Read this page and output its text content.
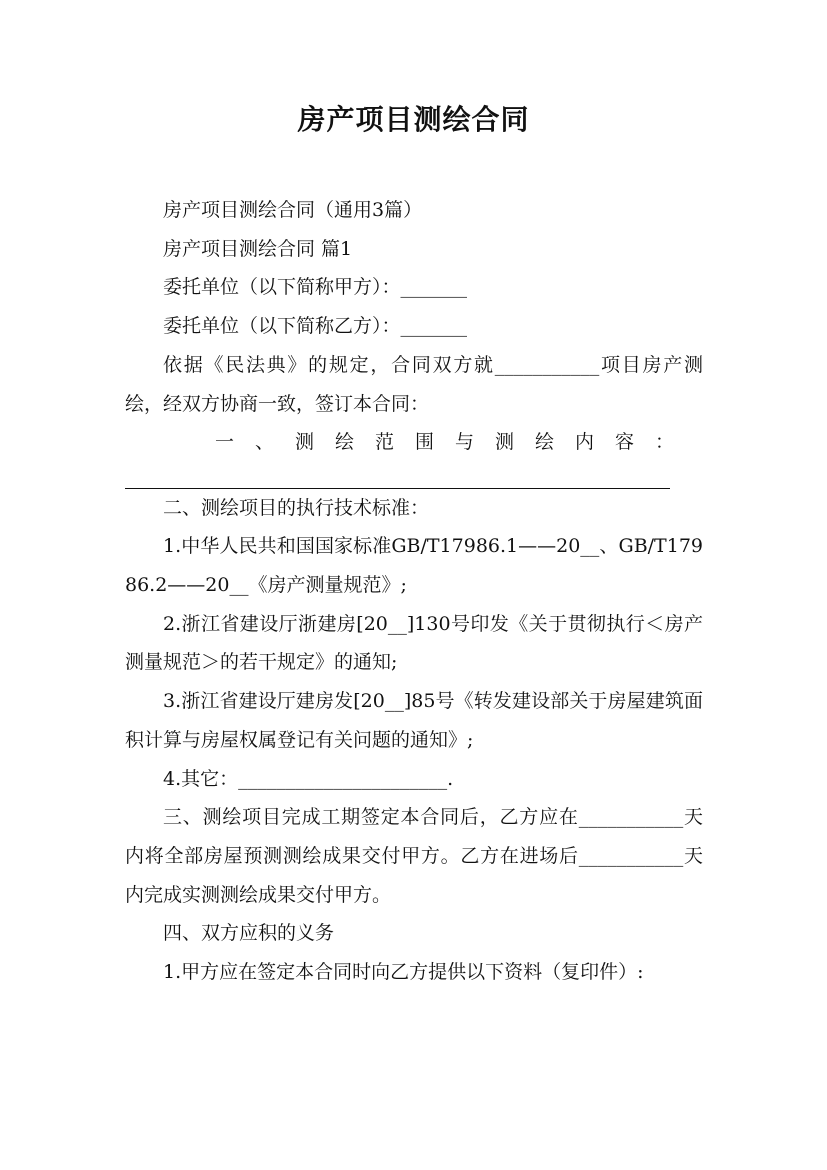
房产项目测绘合同

房产项目测绘合同（通用3篇）

房产项目测绘合同 篇1

委托单位（以下简称甲方）：_______

委托单位（以下简称乙方）：_______

依据《民法典》的规定，合同双方就___________项目房产测绘，经双方协商一致，签订本合同：

一、测绘范围与测绘内容：

二、测绘项目的执行技术标准：

1.中华人民共和国国家标准GB/T17986.1——20__、GB/T17986.2——20__《房产测量规范》;

2.浙江省建设厅浙建房[20__]130号印发《关于贯彻执行＜房产测量规范＞的若干规定》的通知;

3.浙江省建设厅建房发[20__]85号《转发建设部关于房屋建筑面积计算与房屋权属登记有关问题的通知》;

4.其它：______________________.

三、测绘项目完成工期签定本合同后，乙方应在___________天内将全部房屋预测测绘成果交付甲方。乙方在进场后___________天内完成实测测绘成果交付甲方。

四、双方应积的义务

1.甲方应在签定本合同时向乙方提供以下资料（复印件）:
